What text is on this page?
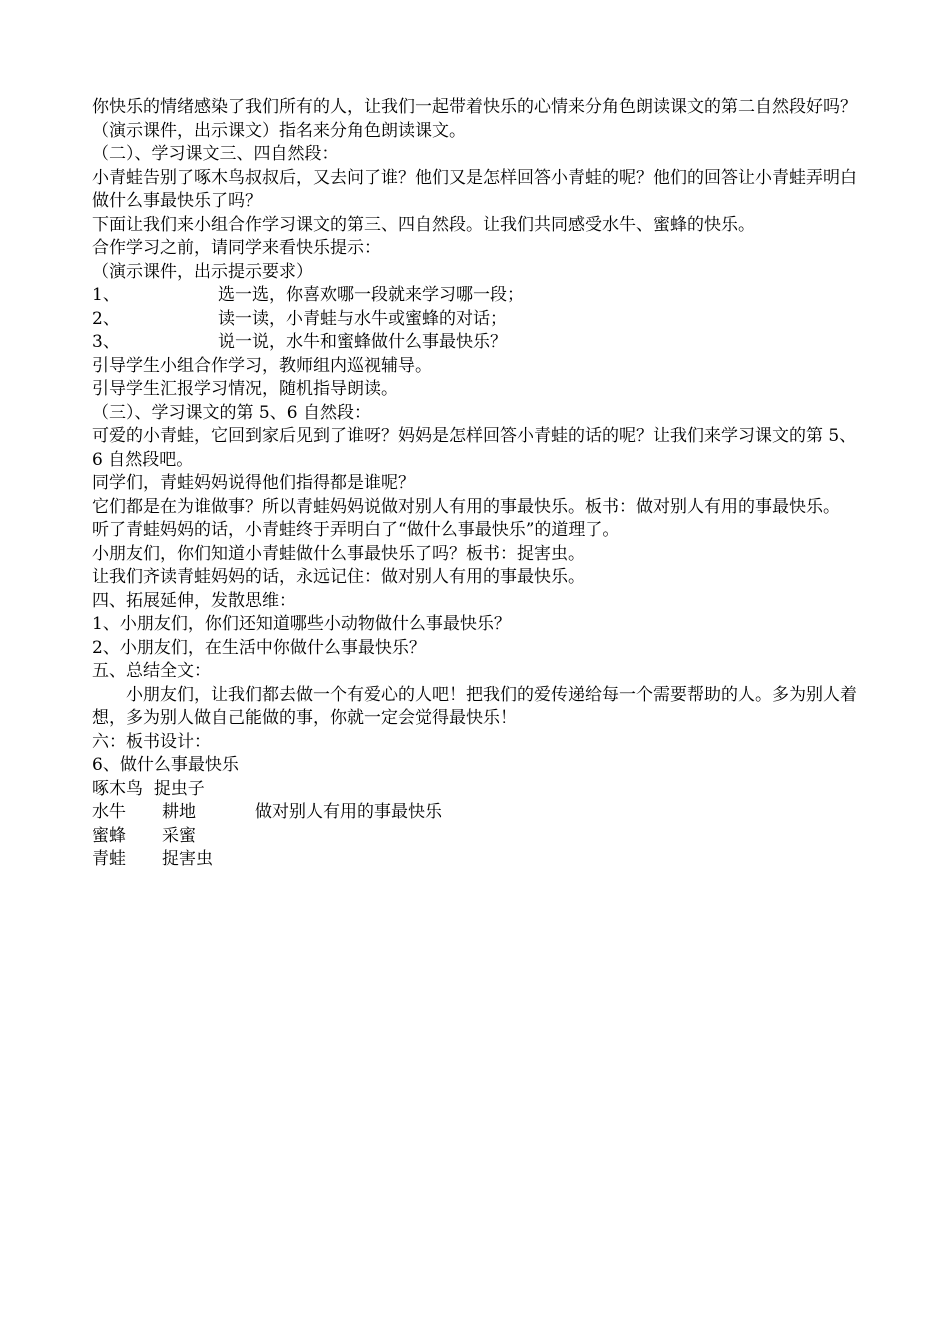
你快乐的情绪感染了我们所有的人，让我们一起带着快乐的心情来分角色朗读课文的第二自然段好吗？

（演示课件，出示课文）指名来分角色朗读课文。

（二）、学习课文三、四自然段：

小青蛙告别了啄木鸟叔叔后，又去问了谁？他们又是怎样回答小青蛙的呢？他们的回答让小青蛙弄明白做什么事最快乐了吗？

下面让我们来小组合作学习课文的第三、四自然段。让我们共同感受水牛、蜜蜂的快乐。

合作学习之前，请同学来看快乐提示：

（演示课件，出示提示要求）

1、	选一选，你喜欢哪一段就来学习哪一段；

2、	读一读，小青蛙与水牛或蜜蜂的对话；

3、	说一说，水牛和蜜蜂做什么事最快乐？

引导学生小组合作学习，教师组内巡视辅导。

引导学生汇报学习情况，随机指导朗读。

（三）、学习课文的第 5、6 自然段：

可爱的小青蛙，它回到家后见到了谁呀？妈妈是怎样回答小青蛙的话的呢？让我们来学习课文的第 5、6 自然段吧。

同学们，青蛙妈妈说得他们指得都是谁呢？

它们都是在为谁做事？所以青蛙妈妈说做对别人有用的事最快乐。板书：做对别人有用的事最快乐。

听了青蛙妈妈的话，小青蛙终于弄明白了“做什么事最快乐”的道理了。

小朋友们，你们知道小青蛙做什么事最快乐了吗？板书：捉害虫。

让我们齐读青蛙妈妈的话，永远记住：做对别人有用的事最快乐。

四、拓展延伸，发散思维：

1、小朋友们，你们还知道哪些小动物做什么事最快乐？

2、小朋友们，在生活中你做什么事最快乐？

五、总结全文：

小朋友们，让我们都去做一个有爱心的人吧！把我们的爱传递给每一个需要帮助的人。多为别人着想，多为别人做自己能做的事，你就一定会觉得最快乐！

六：板书设计：

6、做什么事最快乐

啄木鸟 捉虫子

水牛 耕地	做对别人有用的事最快乐

蜜蜂 采蜜

青蛙 捉害虫
